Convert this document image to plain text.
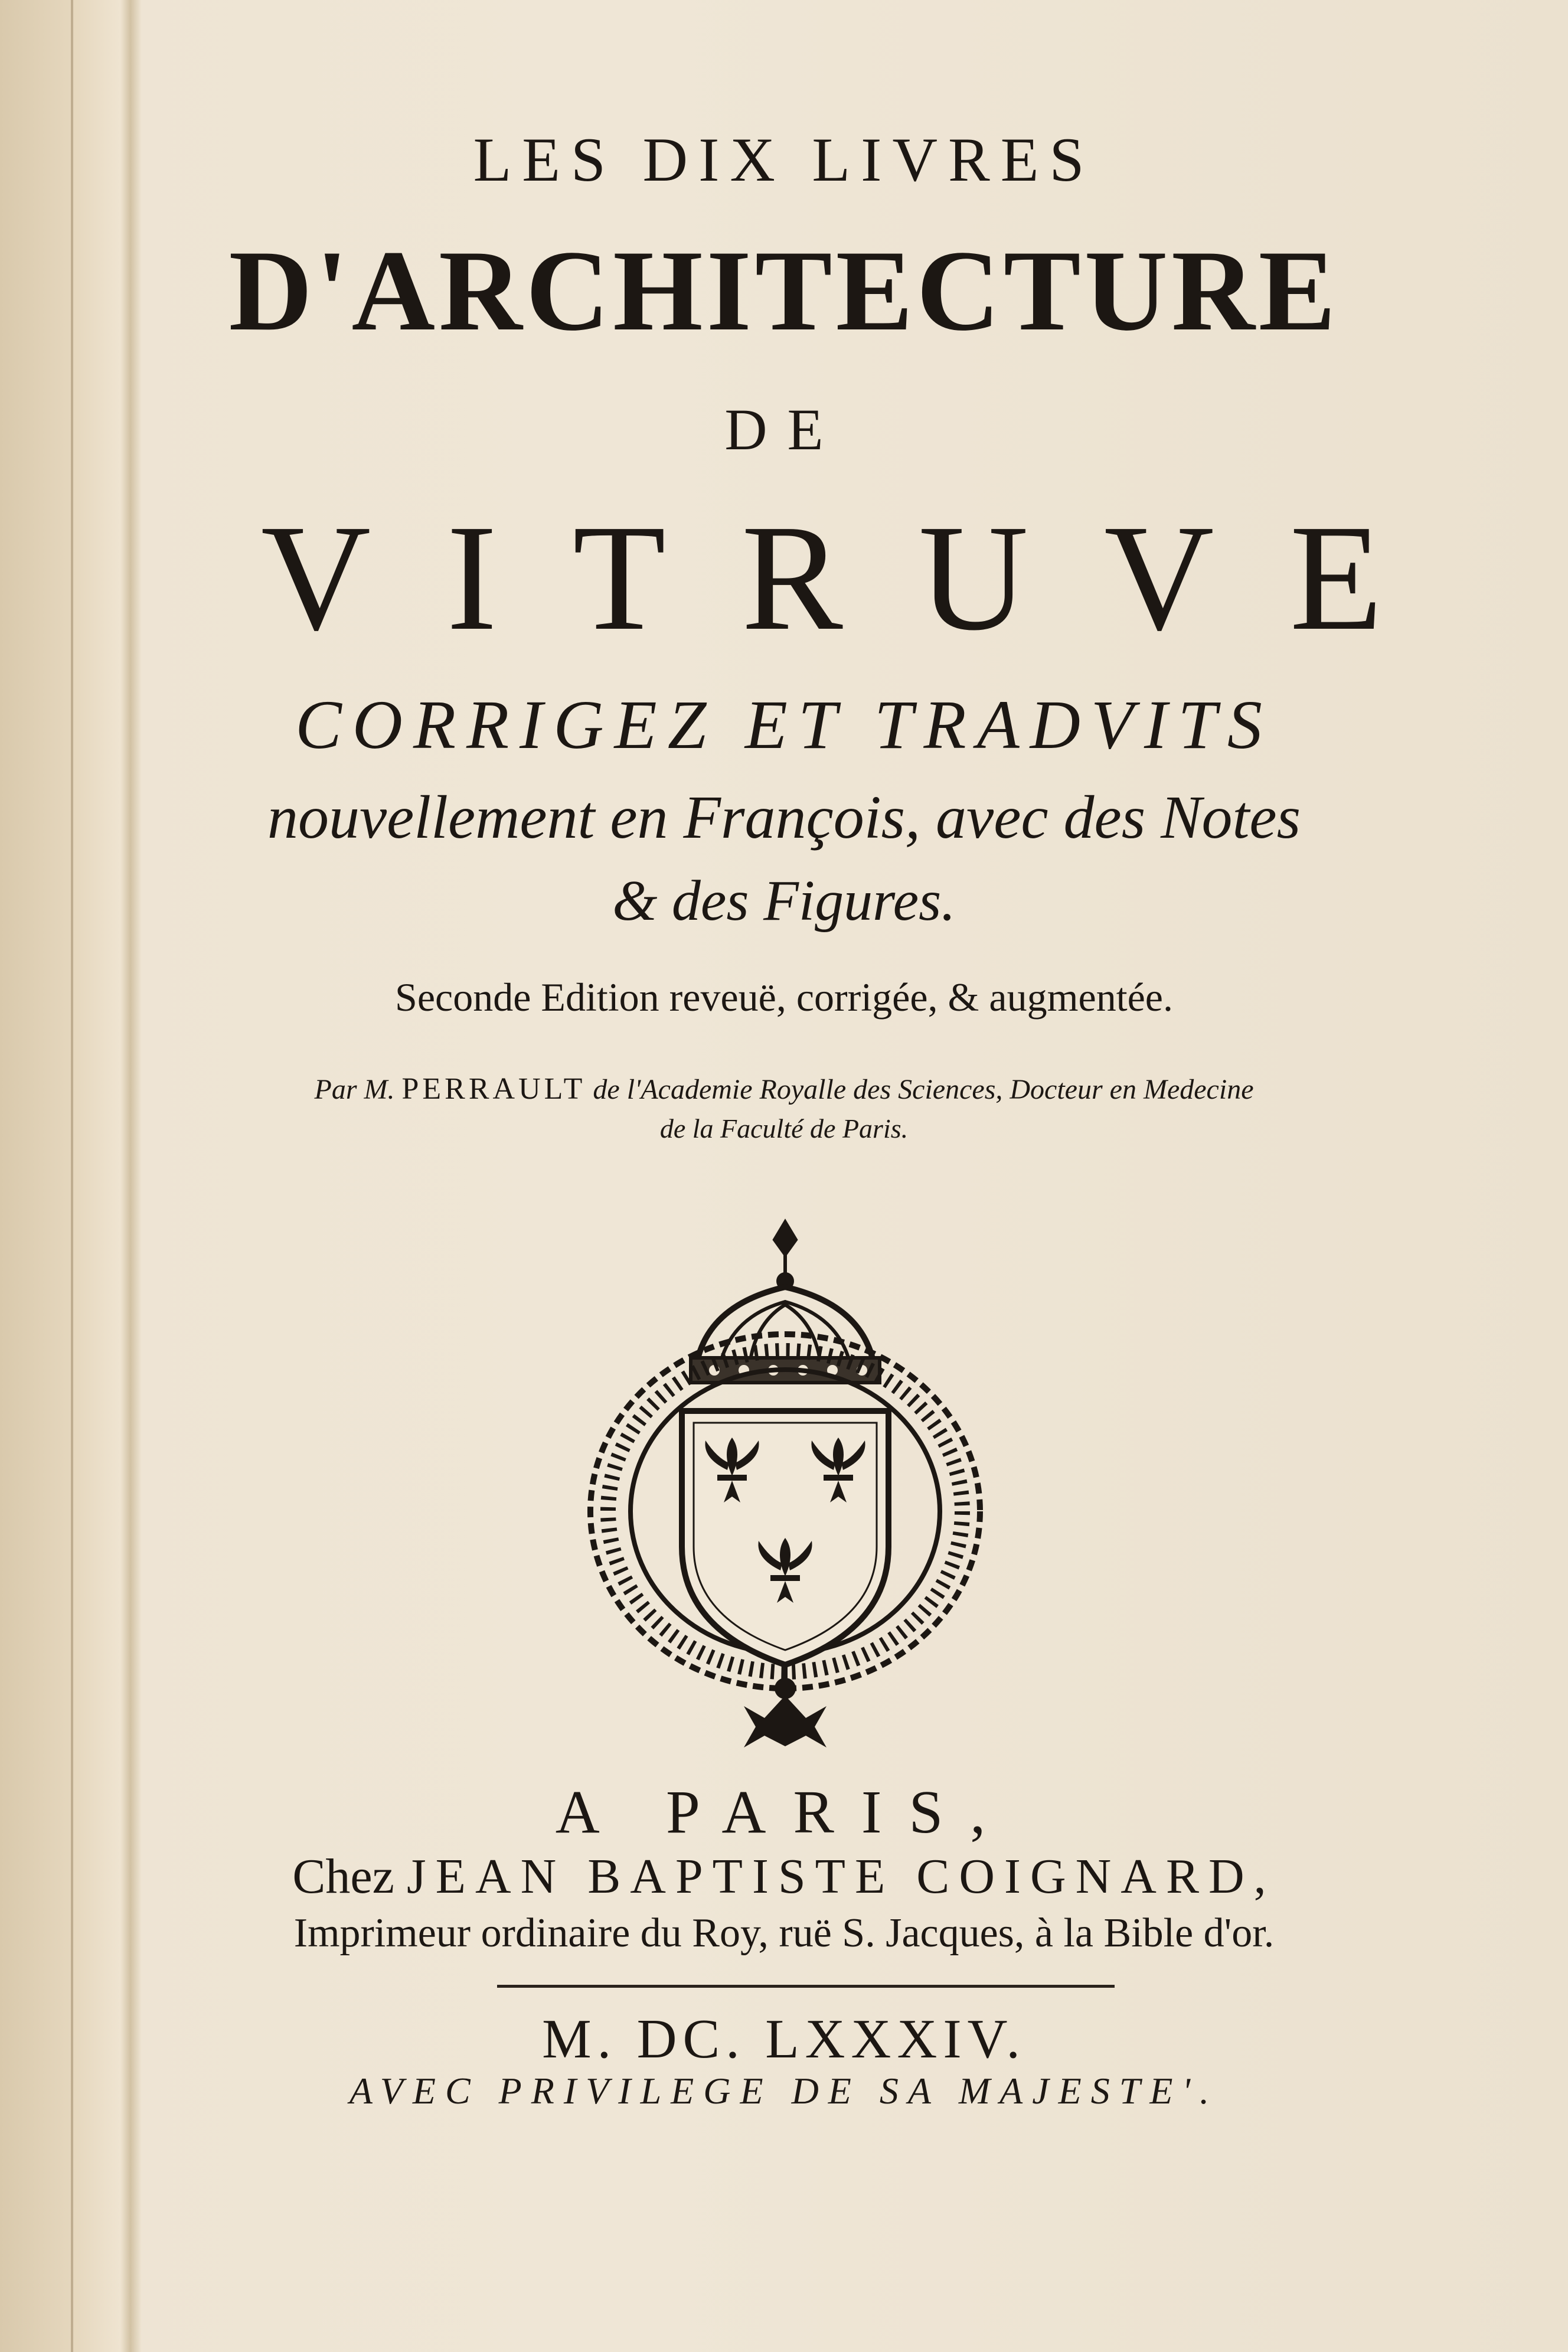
LES DIX LIVRES
D'ARCHITECTURE
DE
VITRUVE
CORRIGEZ ET TRADVITS
nouvellement en François, avec des Notes
& des Figures.
Seconde Edition reveuë, corrigée, & augmentée.
Par M. PERRAULT de l'Academie Royalle des Sciences, Docteur en Medecine
de la Faculté de Paris.
A PARIS,
Chez JEAN BAPTISTE COIGNARD,
Imprimeur ordinaire du Roy, ruë S. Jacques, à la Bible d'or.
M. DC. LXXXIV.
AVEC PRIVILEGE DE SA MAJESTE'.
